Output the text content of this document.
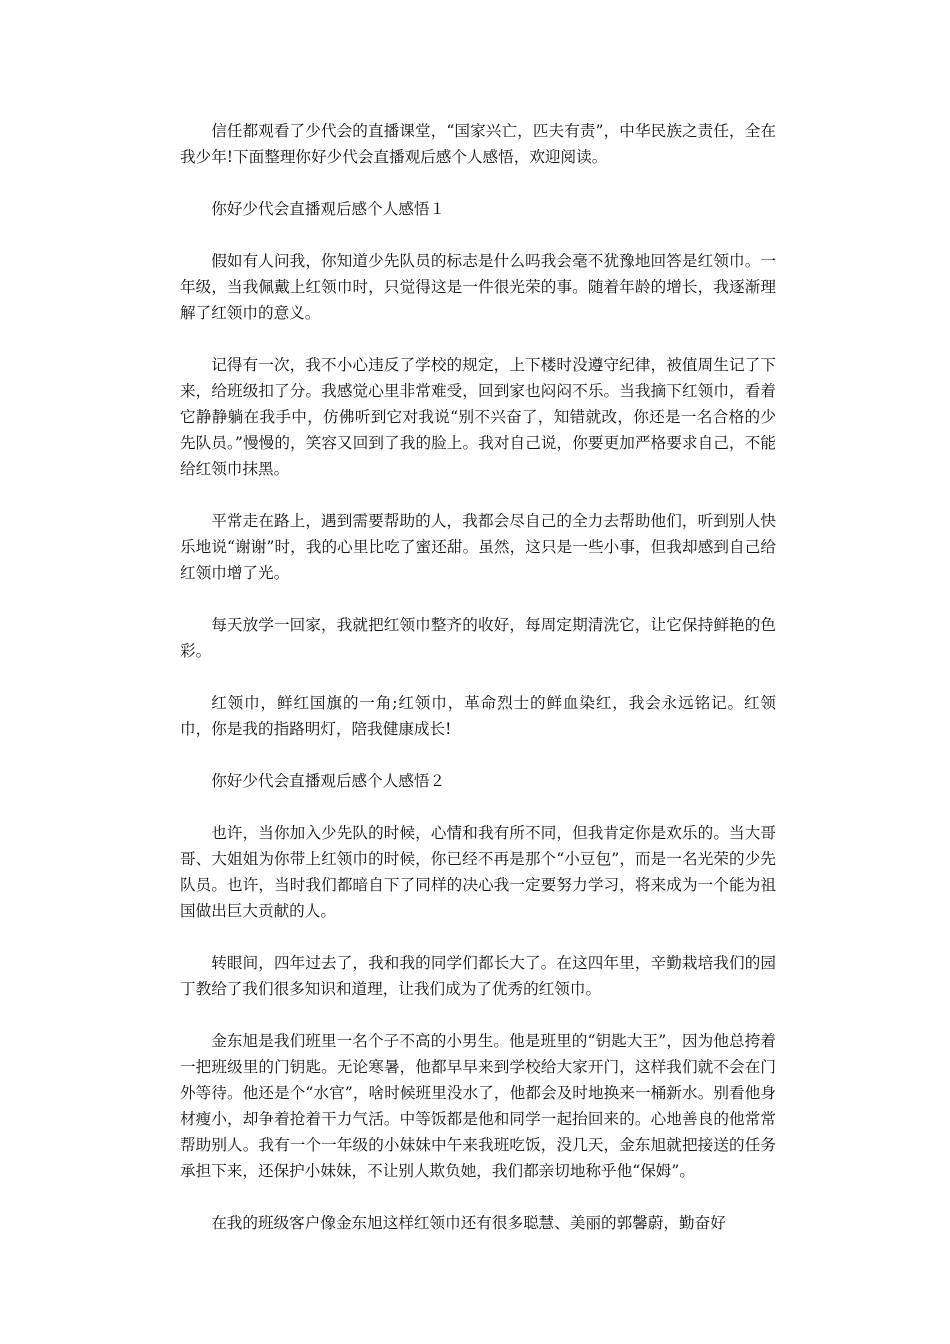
信任都观看了少代会的直播课堂，“国家兴亡，匹夫有责”，中华民族之责任，全在我少年!下面整理你好少代会直播观后感个人感悟，欢迎阅读。

你好少代会直播观后感个人感悟１

假如有人问我，你知道少先队员的标志是什么吗我会毫不犹豫地回答是红领巾。一年级，当我佩戴上红领巾时，只觉得这是一件很光荣的事。随着年龄的增长，我逐渐理解了红领巾的意义。

记得有一次，我不小心违反了学校的规定，上下楼时没遵守纪律，被值周生记了下来，给班级扣了分。我感觉心里非常难受，回到家也闷闷不乐。当我摘下红领巾，看着它静静躺在我手中，仿佛听到它对我说“别不兴奋了，知错就改，你还是一名合格的少先队员。”慢慢的，笑容又回到了我的脸上。我对自己说，你要更加严格要求自己，不能给红领巾抹黑。

平常走在路上，遇到需要帮助的人，我都会尽自己的全力去帮助他们，听到别人快乐地说“谢谢”时，我的心里比吃了蜜还甜。虽然，这只是一些小事，但我却感到自己给红领巾增了光。

每天放学一回家，我就把红领巾整齐的收好，每周定期清洗它，让它保持鲜艳的色彩。

红领巾，鲜红国旗的一角;红领巾，革命烈士的鲜血染红，我会永远铭记。红领巾，你是我的指路明灯，陪我健康成长!

你好少代会直播观后感个人感悟２

也许，当你加入少先队的时候，心情和我有所不同，但我肯定你是欢乐的。当大哥哥、大姐姐为你带上红领巾的时候，你已经不再是那个“小豆包”，而是一名光荣的少先队员。也许，当时我们都暗自下了同样的决心我一定要努力学习，将来成为一个能为祖国做出巨大贡献的人。

转眼间，四年过去了，我和我的同学们都长大了。在这四年里，辛勤栽培我们的园丁教给了我们很多知识和道理，让我们成为了优秀的红领巾。

金东旭是我们班里一名个子不高的小男生。他是班里的“钥匙大王”，因为他总挎着一把班级里的门钥匙。无论寒暑，他都早早来到学校给大家开门，这样我们就不会在门外等待。他还是个“水官”，啥时候班里没水了，他都会及时地换来一桶新水。别看他身材瘦小，却争着抢着干力气活。中等饭都是他和同学一起抬回来的。心地善良的他常常帮助别人。我有一个一年级的小妹妹中午来我班吃饭，没几天，金东旭就把接送的任务承担下来，还保护小妹妹，不让别人欺负她，我们都亲切地称乎他“保姆”。

在我的班级客户像金东旭这样红领巾还有很多聪慧、美丽的郭馨蔚，勤奋好
